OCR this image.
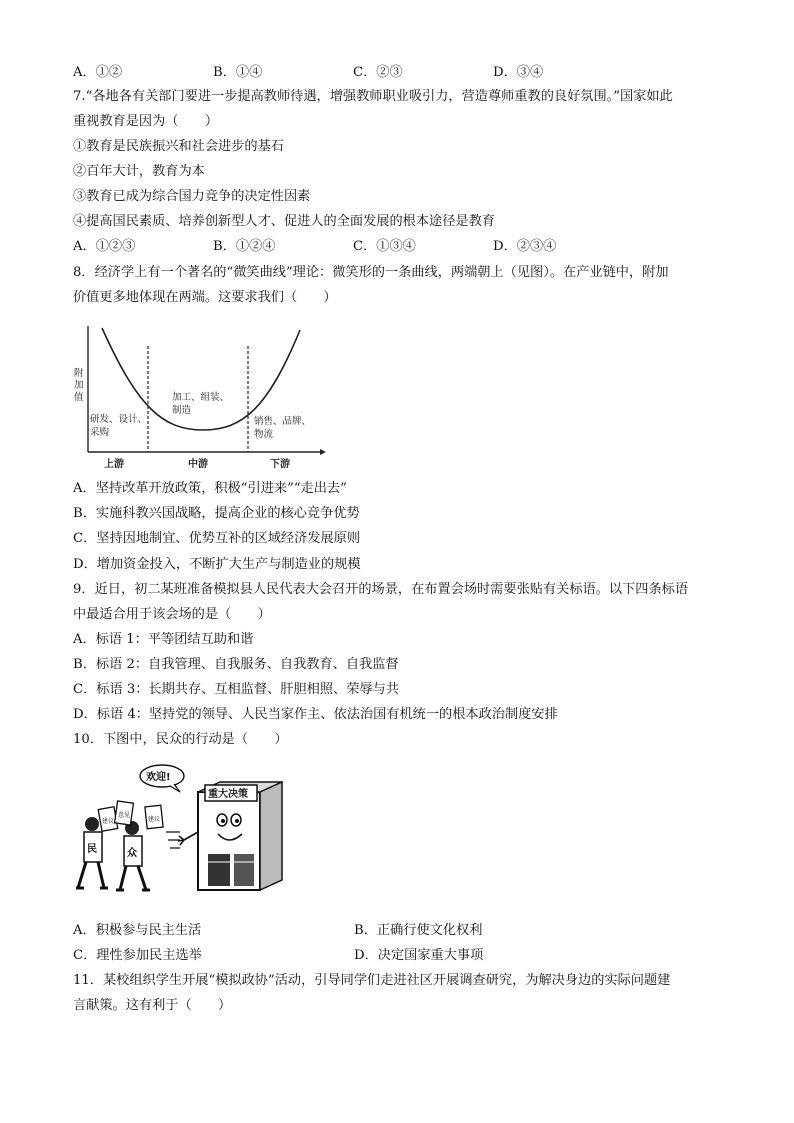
A．①②	B．①④	C．②③	D．③④
7.“各地各有关部门要进一步提高教师待遇，增强教师职业吸引力，营造尊师重教的良好氛围。”国家如此
重视教育是因为（　　）
①教育是民族振兴和社会进步的基石
②百年大计，教育为本
③教育已成为综合国力竞争的决定性因素
④提高国民素质、培养创新型人才、促进人的全面发展的根本途径是教育
A．①②③	B．①②④	C．①③④	D．②③④
8．经济学上有一个著名的“微笑曲线”理论：微笑形的一条曲线，两端朝上（见图）。在产业链中，附加
价值更多地体现在两端。这要求我们（　　）
附
加
值
研发、设计、
采购
加工、组装、
制造
销售、品牌、
物流
上游	中游	下游
A．坚持改革开放政策，积极“引进来”“走出去”
B．实施科教兴国战略，提高企业的核心竞争优势
C．坚持因地制宜、优势互补的区域经济发展原则
D．增加资金投入，不断扩大生产与制造业的规模
9．近日，初二某班准备模拟县人民代表大会召开的场景，在布置会场时需要张贴有关标语。以下四条标语
中最适合用于该会场的是（　　）
A．标语 1：平等团结互助和谐
B．标语 2：自我管理、自我服务、自我教育、自我监督
C．标语 3：长期共存、互相监督、肝胆相照、荣辱与共
D．标语 4：坚持党的领导、人民当家作主、依法治国有机统一的根本政治制度安排
10．下图中，民众的行动是（　　）
重大决策
欢迎!
民
建议
众
意见
建议
A．积极参与民主生活	B．正确行使文化权利
C．理性参加民主选举	D．决定国家重大事项
11．某校组织学生开展“模拟政协”活动，引导同学们走进社区开展调查研究，为解决身边的实际问题建
言献策。这有利于（　　）
